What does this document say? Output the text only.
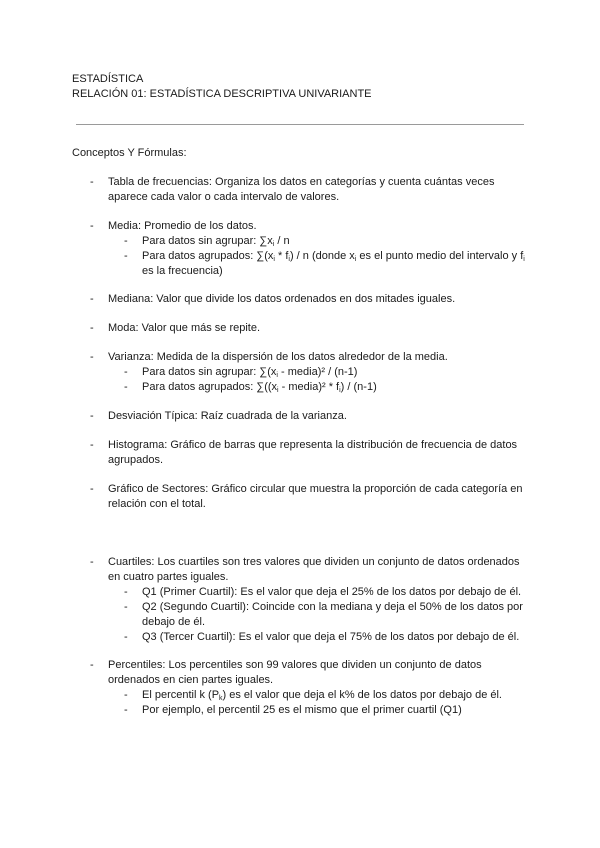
ESTADÍSTICA
RELACIÓN 01: ESTADÍSTICA DESCRIPTIVA UNIVARIANTE
Conceptos Y Fórmulas:
-	Tabla de frecuencias: Organiza los datos en categorías y cuenta cuántas veces aparece cada valor o cada intervalo de valores.
-	Media: Promedio de los datos.
- Para datos sin agrupar: $\sum x_i$ / n
- Para datos agrupados: $\sum(x_i * f_i)$ / n (donde $x_i$ es el punto medio del intervalo y $f_i$ es la frecuencia)
-	Mediana: Valor que divide los datos ordenados en dos mitades iguales.
-	Moda: Valor que más se repite.
-	Varianza: Medida de la dispersión de los datos alrededor de la media.
- Para datos sin agrupar: $\sum(x_i$ - media)² / (n-1)
- Para datos agrupados: $\sum((x_i$ - media)² * $f_i) / (n-1)$
-	Desviación Típica: Raíz cuadrada de la varianza.
-	Histograma: Gráfico de barras que representa la distribución de frecuencia de datos agrupados.
-	Gráfico de Sectores: Gráfico circular que muestra la proporción de cada categoría en relación con el total.
-	Cuartiles: Los cuartiles son tres valores que dividen un conjunto de datos ordenados en cuatro partes iguales.
- Q1 (Primer Cuartil): Es el valor que deja el 25% de los datos por debajo de él.
- Q2 (Segundo Cuartil): Coincide con la mediana y deja el 50% de los datos por debajo de él.
- Q3 (Tercer Cuartil): Es el valor que deja el 75% de los datos por debajo de él.
-	Percentiles: Los percentiles son 99 valores que dividen un conjunto de datos ordenados en cien partes iguales.
- El percentil k $(P_k)$ es el valor que deja el k% de los datos por debajo de él.
- Por ejemplo, el percentil 25 es el mismo que el primer cuartil (Q1)
